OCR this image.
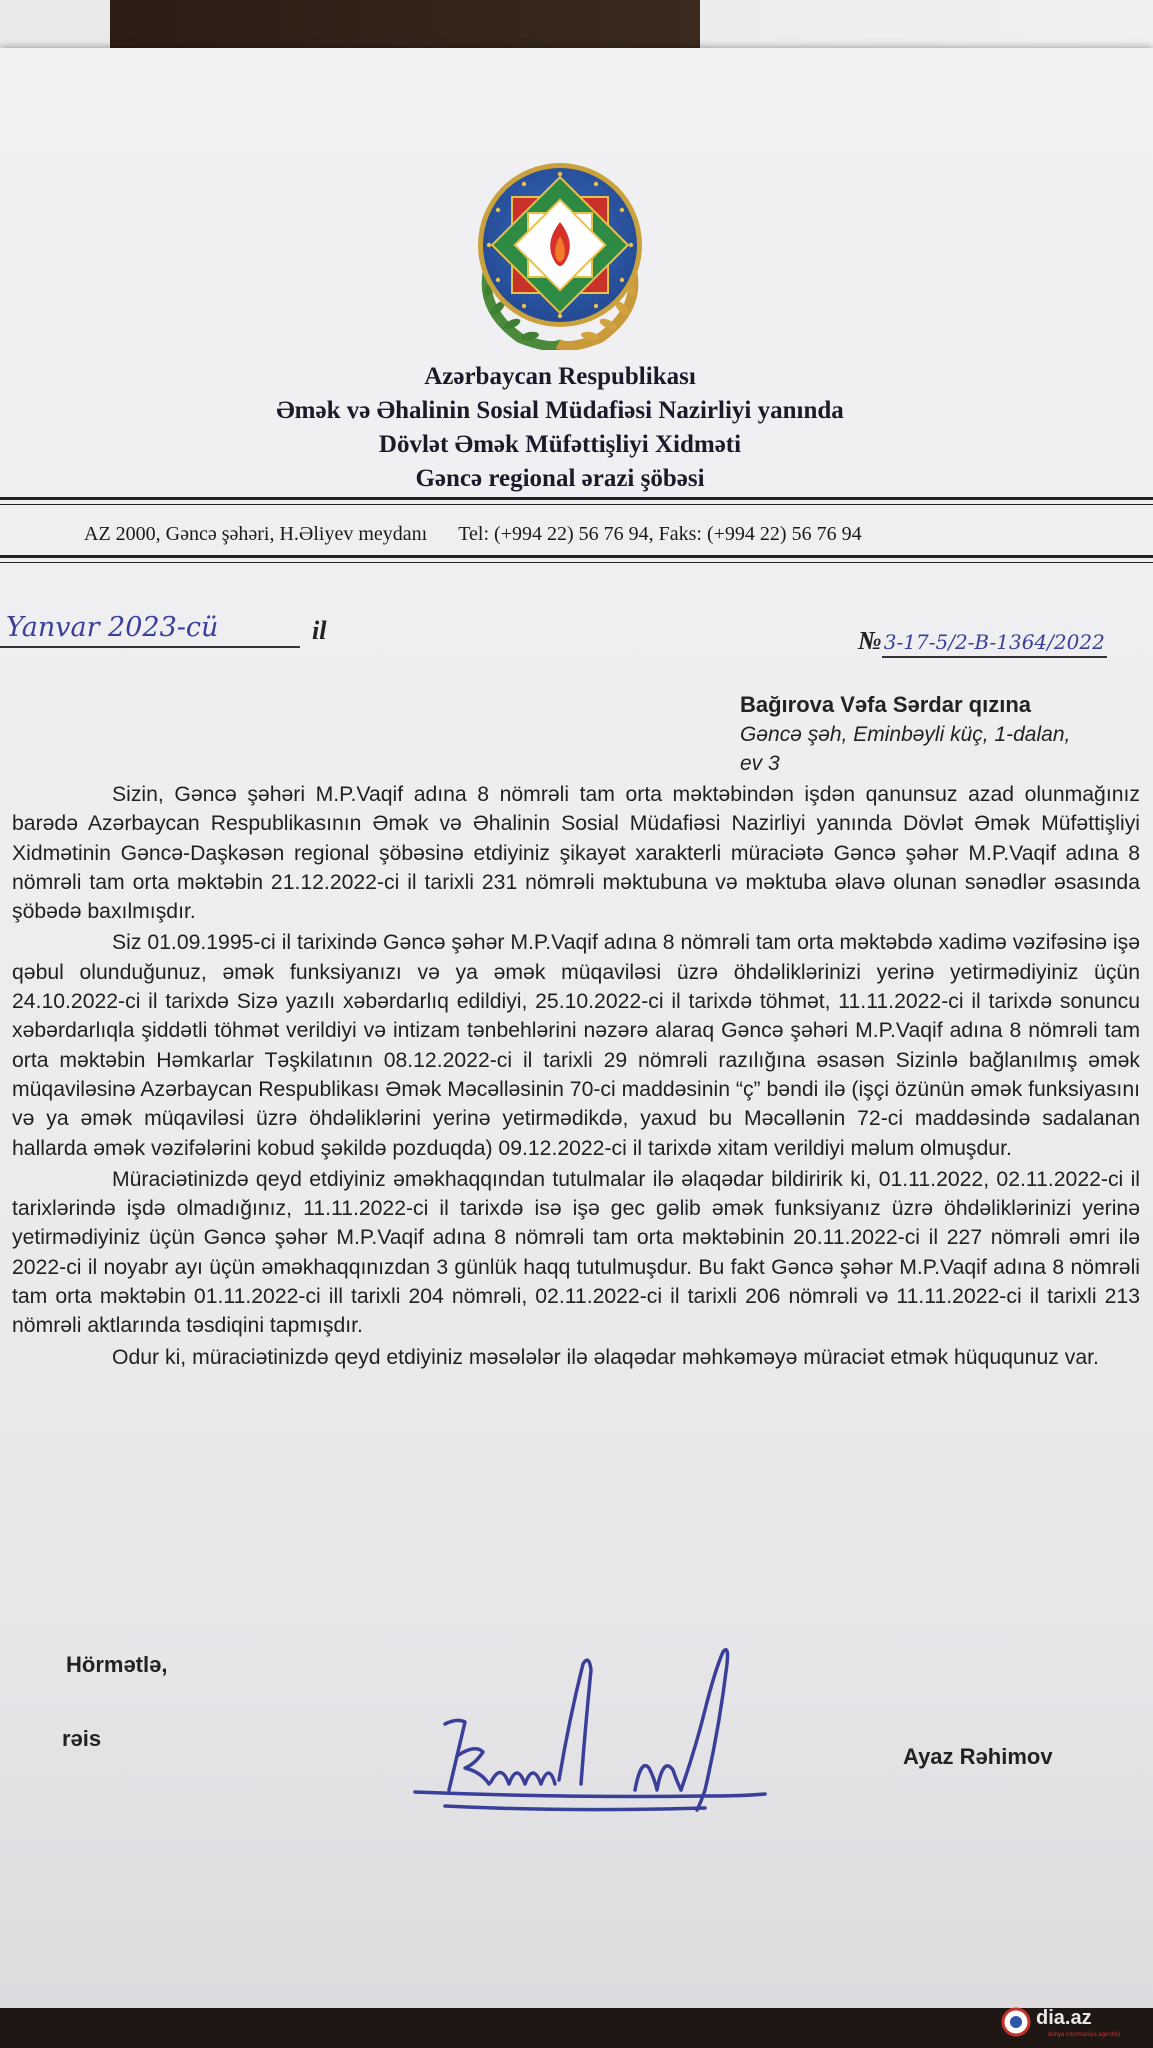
Azərbaycan Respublikası
Əmək və Əhalinin Sosial Müdafiəsi Nazirliyi yanında
Dövlət Əmək Müfəttişliyi Xidməti
Gəncə regional ərazi şöbəsi
AZ 2000, Gəncə şəhəri, H.Əliyev meydanı Tel: (+994 22) 56 76 94, Faks: (+994 22) 56 76 94
Yanvar 2023-cü	il	№ 3-17-5/2-B-1364/2022
Bağırova Vəfa Sərdar qızına
Gəncə şəh, Eminbəyli küç, 1-dalan,
ev 3

Sizin, Gəncə şəhəri M.P.Vaqif adına 8 nömrəli tam orta məktəbindən işdən qanunsuz azad olunmağınız barədə Azərbaycan Respublikasının Əmək və Əhalinin Sosial Müdafiəsi Nazirliyi yanında Dövlət Əmək Müfəttişliyi Xidmətinin Gəncə-Daşkəsən regional şöbəsinə etdiyiniz şikayət xarakterli müraciətə Gəncə şəhər M.P.Vaqif adına 8 nömrəli tam orta məktəbin 21.12.2022-ci il tarixli 231 nömrəli məktubuna və məktuba əlavə olunan sənədlər əsasında şöbədə baxılmışdır.

Siz 01.09.1995-ci il tarixində Gəncə şəhər M.P.Vaqif adına 8 nömrəli tam orta məktəbdə xadimə vəzifəsinə işə qəbul olunduğunuz, əmək funksiyanızı və ya əmək müqaviləsi üzrə öhdəliklərinizi yerinə yetirmədiyiniz üçün 24.10.2022-ci il tarixdə Sizə yazılı xəbərdarlıq edildiyi, 25.10.2022-ci il tarixdə töhmət, 11.11.2022-ci il tarixdə sonuncu xəbərdarlıqla şiddətli töhmət verildiyi və intizam tənbehlərini nəzərə alaraq Gəncə şəhəri M.P.Vaqif adına 8 nömrəli tam orta məktəbin Həmkarlar Təşkilatının 08.12.2022-ci il tarixli 29 nömrəli razılığına əsasən Sizinlə bağlanılmış əmək müqaviləsinə Azərbaycan Respublikası Əmək Məcəlləsinin 70-ci maddəsinin “ç” bəndi ilə (işçi özünün əmək funksiyasını və ya əmək müqaviləsi üzrə öhdəliklərini yerinə yetirmədikdə, yaxud bu Məcəllənin 72-ci maddəsində sadalanan hallarda əmək vəzifələrini kobud şəkildə pozduqda) 09.12.2022-ci il tarixdə xitam verildiyi məlum olmuşdur.

Müraciətinizdə qeyd etdiyiniz əməkhaqqından tutulmalar ilə əlaqədar bildiririk ki, 01.11.2022, 02.11.2022-ci il tarixlərində işdə olmadığınız, 11.11.2022-ci il tarixdə isə işə gec gəlib əmək funksiyanız üzrə öhdəliklərinizi yerinə yetirmədiyiniz üçün Gəncə şəhər M.P.Vaqif adına 8 nömrəli tam orta məktəbinin 20.11.2022-ci il 227 nömrəli əmri ilə 2022-ci il noyabr ayı üçün əməkhaqqınızdan 3 günlük haqq tutulmuşdur. Bu fakt Gəncə şəhər M.P.Vaqif adına 8 nömrəli tam orta məktəbin 01.11.2022-ci ill tarixli 204 nömrəli, 02.11.2022-ci il tarixli 206 nömrəli və 11.11.2022-ci il tarixli 213 nömrəli aktlarında təsdiqini tapmışdır.

Odur ki, müraciətinizdə qeyd etdiyiniz məsələlər ilə əlaqədar məhkəməyə müraciət etmək hüququnuz var.

Hörmətlə,
rəis
Ayaz Rəhimov
dia.az
dünya informasiya agentliyi
